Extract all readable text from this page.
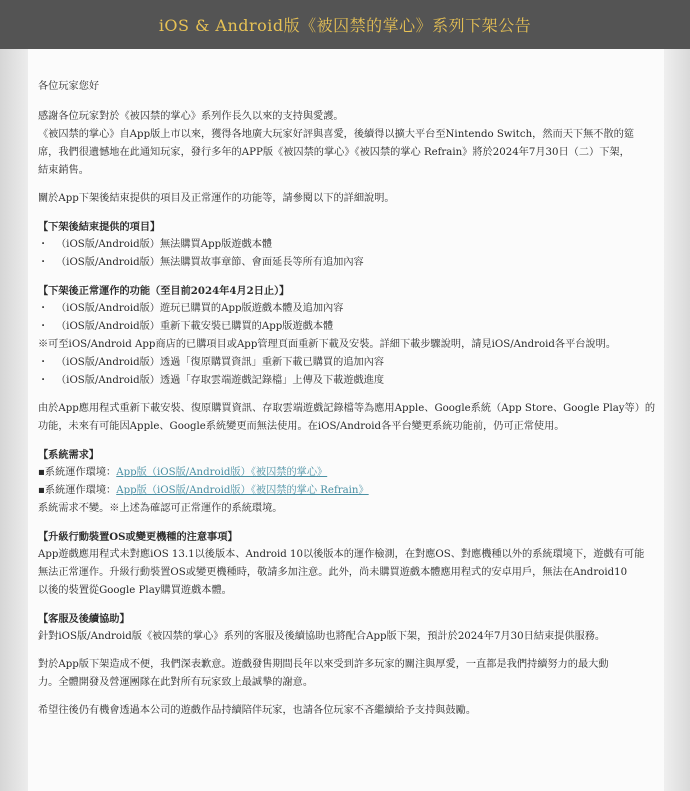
iOS & Android版《被囚禁的掌心》系列下架公告

各位玩家您好

感謝各位玩家對於《被囚禁的掌心》系列作長久以來的支持與愛護。

《被囚禁的掌心》自App版上市以來，獲得各地廣大玩家好評與喜愛，後續得以擴大平台至Nintendo Switch，然而天下無不散的筵

席，我們很遺憾地在此通知玩家，發行多年的APP版《被囚禁的掌心》《被囚禁的掌心 Refrain》將於2024年7月30日（二）下架，

結束銷售。

關於App下架後結束提供的項目及正常運作的功能等，請參閱以下的詳細說明。

【下架後結束提供的項目】

・ （iOS版/Android版）無法購買App版遊戲本體

・ （iOS版/Android版）無法購買故事章節、會面延長等所有追加內容

【下架後正常運作的功能（至目前2024年4月2日止）】

・ （iOS版/Android版）遊玩已購買的App版遊戲本體及追加內容

・ （iOS版/Android版）重新下載安裝已購買的App版遊戲本體

※可至iOS/Android App商店的已購項目或App管理頁面重新下載及安裝。詳細下載步驟說明，請見iOS/Android各平台說明。

・ （iOS版/Android版）透過「復原購買資訊」重新下載已購買的追加內容

・ （iOS版/Android版）透過「存取雲端遊戲記錄檔」上傳及下載遊戲進度

由於App應用程式重新下載安裝、復原購買資訊、存取雲端遊戲記錄檔等為應用Apple、Google系統（App Store、Google Play等）的

功能，未來有可能因Apple、Google系統變更而無法使用。在iOS/Android各平台變更系統功能前，仍可正常使用。

【系統需求】

▪系統運作環境：App版（iOS版/Android版）《被囚禁的掌心》

▪系統運作環境：App版（iOS版/Android版）《被囚禁的掌心 Refrain》

系統需求不變。※上述為確認可正常運作的系統環境。

【升級行動裝置OS或變更機種的注意事項】

App遊戲應用程式未對應iOS 13.1以後版本、Android 10以後版本的運作檢測，在對應OS、對應機種以外的系統環境下，遊戲有可能

無法正常運作。升級行動裝置OS或變更機種時，敬請多加注意。此外，尚未購買遊戲本體應用程式的安卓用戶，無法在Android10

以後的裝置從Google Play購買遊戲本體。

【客服及後續協助】

針對iOS版/Android版《被囚禁的掌心》系列的客服及後續協助也將配合App版下架，預計於2024年7月30日結束提供服務。

對於App版下架造成不便，我們深表歉意。遊戲發售期間長年以來受到許多玩家的關注與厚愛，一直都是我們持續努力的最大動

力。全體開發及營運團隊在此對所有玩家致上最誠摯的謝意。

希望往後仍有機會透過本公司的遊戲作品持續陪伴玩家，也請各位玩家不吝繼續給予支持與鼓勵。
